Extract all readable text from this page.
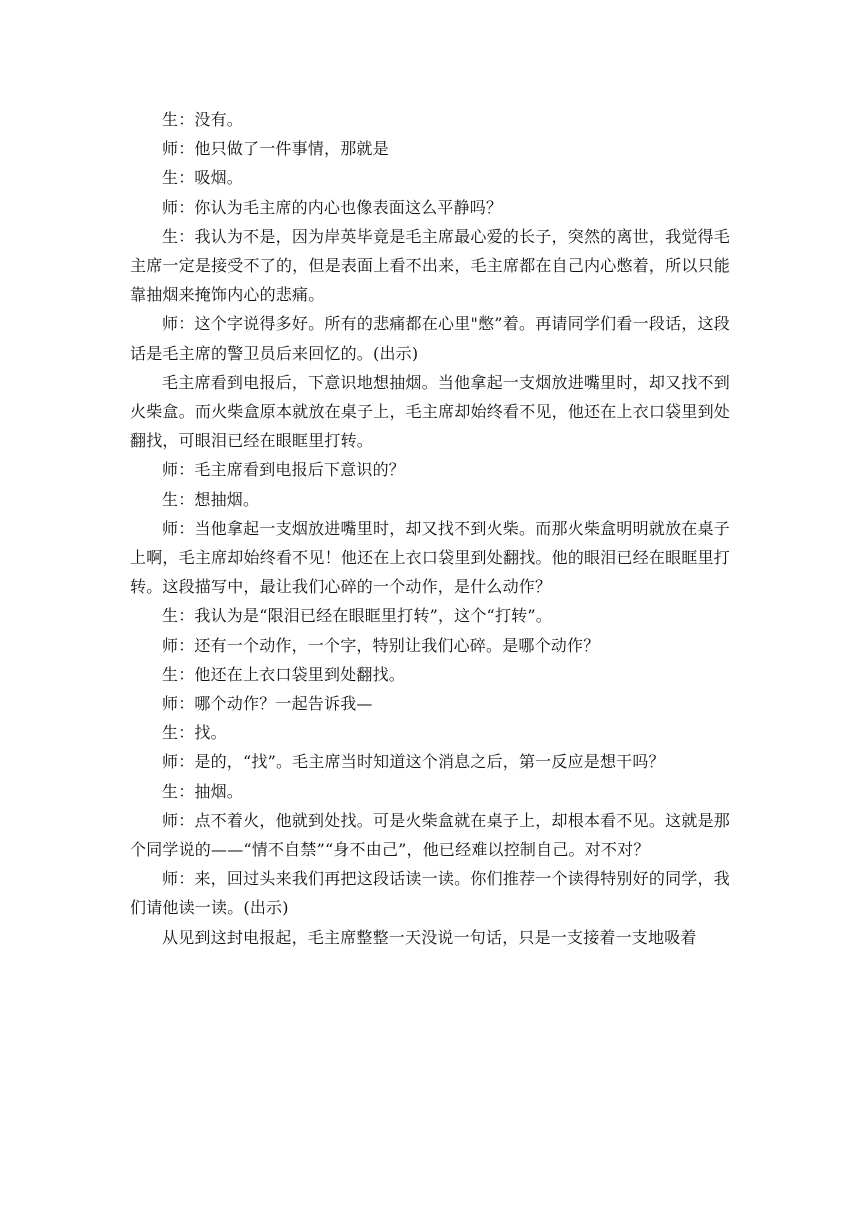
生：没有。

师：他只做了一件事情，那就是

生：吸烟。

师：你认为毛主席的内心也像表面这么平静吗？

生：我认为不是，因为岸英毕竟是毛主席最心爱的长子，突然的离世，我觉得毛主席一定是接受不了的，但是表面上看不出来，毛主席都在自己内心憋着，所以只能靠抽烟来掩饰内心的悲痛。

师：这个字说得多好。所有的悲痛都在心里"憋”着。再请同学们看一段话，这段话是毛主席的警卫员后来回忆的。(出示)

毛主席看到电报后，下意识地想抽烟。当他拿起一支烟放进嘴里时，却又找不到火柴盒。而火柴盒原本就放在桌子上，毛主席却始终看不见，他还在上衣口袋里到处翻找，可眼泪已经在眼眶里打转。

师：毛主席看到电报后下意识的？

生：想抽烟。

师：当他拿起一支烟放进嘴里时，却又找不到火柴。而那火柴盒明明就放在桌子上啊，毛主席却始终看不见！他还在上衣口袋里到处翻找。他的眼泪已经在眼眶里打转。这段描写中，最让我们心碎的一个动作，是什么动作？

生：我认为是“限泪已经在眼眶里打转”，这个“打转”。

师：还有一个动作，一个字，特别让我们心碎。是哪个动作？

生：他还在上衣口袋里到处翻找。

师：哪个动作？一起告诉我—

生：找。

师：是的，“找”。毛主席当时知道这个消息之后，第一反应是想干吗？

生：抽烟。

师：点不着火，他就到处找。可是火柴盒就在桌子上，却根本看不见。这就是那个同学说的——“情不自禁”“身不由己”，他已经难以控制自己。对不对？

师：来，回过头来我们再把这段话读一读。你们推荐一个读得特别好的同学，我们请他读一读。(出示)

从见到这封电报起，毛主席整整一天没说一句话，只是一支接着一支地吸着
